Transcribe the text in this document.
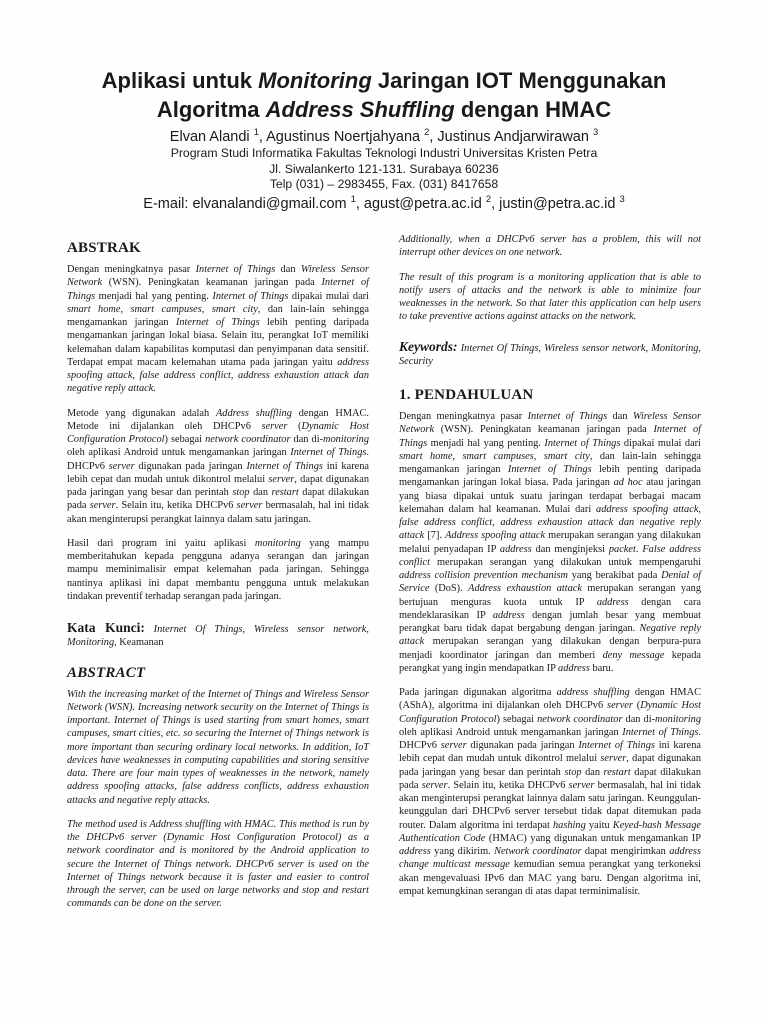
Aplikasi untuk Monitoring Jaringan IOT Menggunakan
Algoritma Address Shuffling dengan HMAC
Elvan Alandi $^1$, Agustinus Noertjahyana $^2$, Justinus Andjarwirawan $^3$
Program Studi Informatika Fakultas Teknologi Industri Universitas Kristen Petra
Jl. Siwalankerto 121-131. Surabaya 60236
Telp (031) – 2983455, Fax. (031) 8417658
E-mail: elvanalandi@gmail.com $^1$, agust@petra.ac.id $^2$, justin@petra.ac.id $^3$
ABSTRAK

Dengan meningkatnya pasar Internet of Things dan Wireless Sensor Network (WSN). Peningkatan keamanan jaringan pada Internet of Things menjadi hal yang penting. Internet of Things dipakai mulai dari smart home, smart campuses, smart city, dan lain-lain sehingga mengamankan jaringan Internet of Things lebih penting daripada mengamankan jaringan lokal biasa. Selain itu, perangkat IoT memiliki kelemahan dalam kapabilitas komputasi dan penyimpanan data sensitif. Terdapat empat macam kelemahan utama pada jaringan yaitu address spoofing attack, false address conflict, address exhaustion attack dan negative reply attack.

Metode yang digunakan adalah Address shuffling dengan HMAC. Metode ini dijalankan oleh DHCPv6 server (Dynamic Host Configuration Protocol) sebagai network coordinator dan di-monitoring oleh aplikasi Android untuk mengamankan jaringan Internet of Things. DHCPv6 server digunakan pada jaringan Internet of Things ini karena lebih cepat dan mudah untuk dikontrol melalui server, dapat digunakan pada jaringan yang besar dan perintah stop dan restart dapat dilakukan pada server. Selain itu, ketika DHCPv6 server bermasalah, hal ini tidak akan menginterupsi perangkat lainnya dalam satu jaringan.

Hasil dari program ini yaitu aplikasi monitoring yang mampu memberitahukan kepada pengguna adanya serangan dan jaringan mampu meminimalisir empat kelemahan pada jaringan. Sehingga nantinya aplikasi ini dapat membantu pengguna untuk melakukan tindakan preventif terhadap serangan pada jaringan.

Kata Kunci: Internet Of Things, Wireless sensor network, Monitoring, Keamanan

ABSTRACT

With the increasing market of the Internet of Things and Wireless Sensor Network (WSN). Increasing network security on the Internet of Things is important. Internet of Things is used starting from smart homes, smart campuses, smart cities, etc. so securing the Internet of Things network is more important than securing ordinary local networks. In addition, IoT devices have weaknesses in computing capabilities and storing sensitive data. There are four main types of weaknesses in the network, namely address spoofing attacks, false address conflicts, address exhaustion attacks and negative reply attacks.

The method used is Address shuffling with HMAC. This method is run by the DHCPv6 server (Dynamic Host Configuration Protocol) as a network coordinator and is monitored by the Android application to secure the Internet of Things network. DHCPv6 server is used on the Internet of Things network because it is faster and easier to control through the server, can be used on large networks and stop and restart commands can be done on the server.

Additionally, when a DHCPv6 server has a problem, this will not interrupt other devices on one network.

The result of this program is a monitoring application that is able to notify users of attacks and the network is able to minimize four weaknesses in the network. So that later this application can help users to take preventive actions against attacks on the network.

Keywords: Internet Of Things, Wireless sensor network, Monitoring, Security

1. PENDAHULUAN

Dengan meningkatnya pasar Internet of Things dan Wireless Sensor Network (WSN). Peningkatan keamanan jaringan pada Internet of Things menjadi hal yang penting. Internet of Things dipakai mulai dari smart home, smart campuses, smart city, dan lain-lain sehingga mengamankan jaringan Internet of Things lebih penting daripada mengamankan jaringan lokal biasa. Pada jaringan ad hoc atau jaringan yang biasa dipakai untuk suatu jaringan terdapat berbagai macam kelemahan dalam hal keamanan. Mulai dari address spoofing attack, false address conflict, address exhaustion attack dan negative reply attack [7]. Address spoofing attack merupakan serangan yang dilakukan melalui penyadapan IP address dan menginjeksi packet. False address conflict merupakan serangan yang dilakukan untuk mempengaruhi address collision prevention mechanism yang berakibat pada Denial of Service (DoS). Address exhaustion attack merupakan serangan yang bertujuan menguras kuota untuk IP address dengan cara mendeklarasikan IP address dengan jumlah besar yang membuat perangkat baru tidak dapat bergabung dengan jaringan. Negative reply attack merupakan serangan yang dilakukan dengan berpura-pura menjadi koordinator jaringan dan memberi deny message kepada perangkat yang ingin mendapatkan IP address baru.

Pada jaringan digunakan algoritma address shuffling dengan HMAC (AShA), algoritma ini dijalankan oleh DHCPv6 server (Dynamic Host Configuration Protocol) sebagai network coordinator dan di-monitoring oleh aplikasi Android untuk mengamankan jaringan Internet of Things. DHCPv6 server digunakan pada jaringan Internet of Things ini karena lebih cepat dan mudah untuk dikontrol melalui server, dapat digunakan pada jaringan yang besar dan perintah stop dan restart dapat dilakukan pada server. Selain itu, ketika DHCPv6 server bermasalah, hal ini tidak akan menginterupsi perangkat lainnya dalam satu jaringan. Keunggulan-keunggulan dari DHCPv6 server tersebut tidak dapat ditemukan pada router. Dalam algoritma ini terdapat hashing yaitu Keyed-hash Message Authentication Code (HMAC) yang digunakan untuk mengamankan IP address yang dikirim. Network coordinator dapat mengirimkan address change multicast message kemudian semua perangkat yang terkoneksi akan mengevaluasi IPv6 dan MAC yang baru. Dengan algoritma ini, empat kemungkinan serangan di atas dapat terminimalisir.
